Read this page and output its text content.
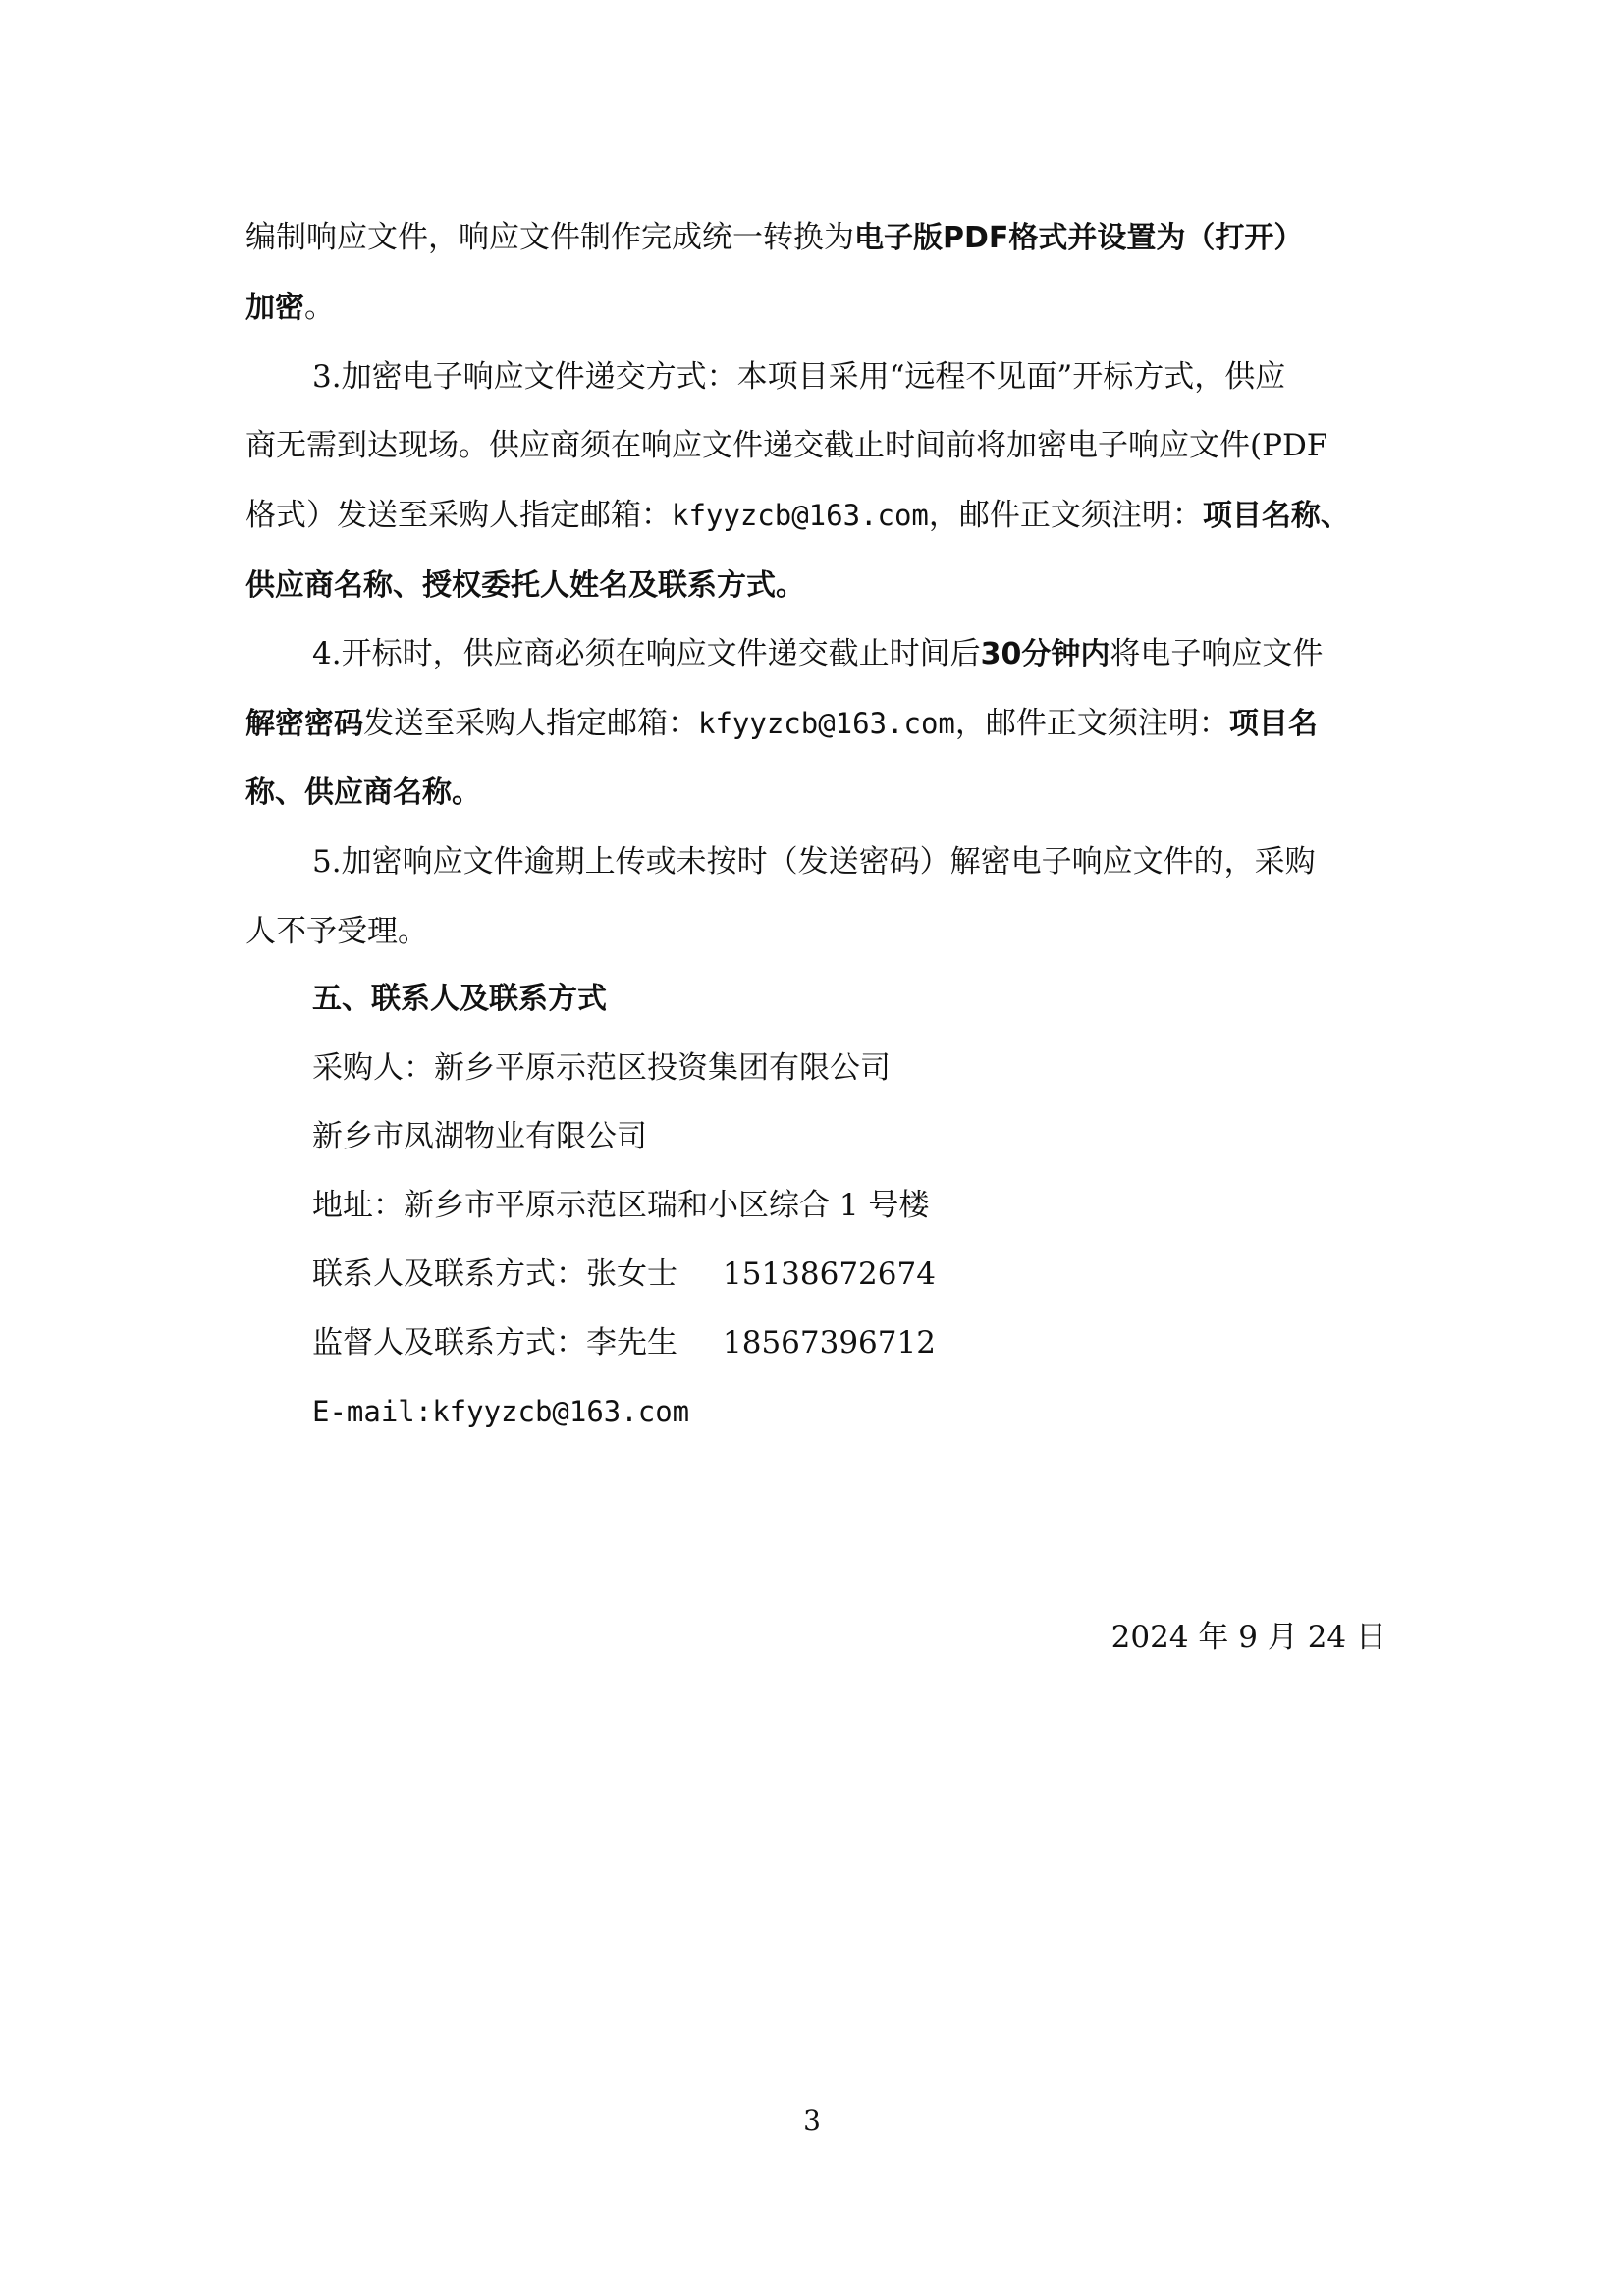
编制响应文件，响应文件制作完成统一转换为电子版PDF格式并设置为（打开）
加密。
3.加密电子响应文件递交方式：本项目采用“远程不见面”开标方式，供应
商无需到达现场。供应商须在响应文件递交截止时间前将加密电子响应文件(PDF
格式）发送至采购人指定邮箱：kfyyzcb@163.com，邮件正文须注明：项目名称、
供应商名称、授权委托人姓名及联系方式。
4.开标时，供应商必须在响应文件递交截止时间后30分钟内将电子响应文件
解密密码发送至采购人指定邮箱：kfyyzcb@163.com，邮件正文须注明：项目名
称、供应商名称。
5.加密响应文件逾期上传或未按时（发送密码）解密电子响应文件的，采购
人不予受理。
五、联系人及联系方式
采购人：新乡平原示范区投资集团有限公司
新乡市凤湖物业有限公司
地址：新乡市平原示范区瑞和小区综合 1 号楼
联系人及联系方式：张女士 15138672674
监督人及联系方式：李先生 18567396712
E-mail:kfyyzcb@163.com
2024 年 9 月 24 日
3
